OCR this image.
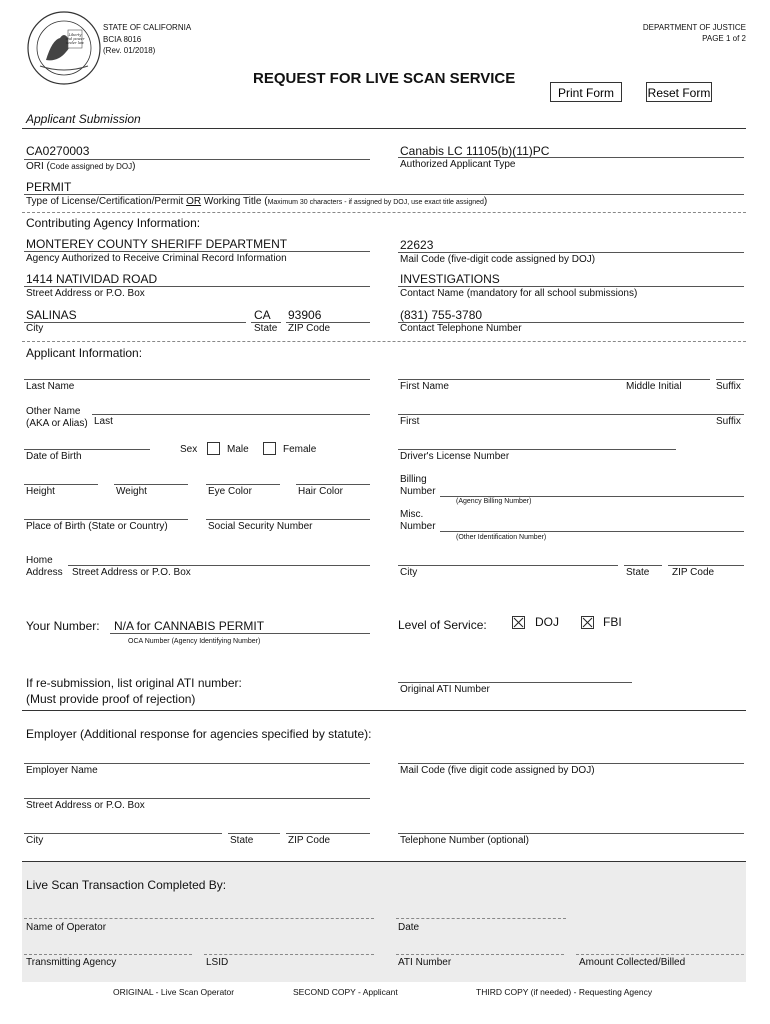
Liberty
and power
under law
STATE OF CALIFORNIA
BCIA 8016
(Rev. 01/2018)
DEPARTMENT OF JUSTICE
PAGE 1 of 2
REQUEST FOR LIVE SCAN SERVICE
Print Form	Reset Form
Applicant Submission
CA0270003
ORI (Code assigned by DOJ)
Canabis LC 11105(b)(11)PC
Authorized Applicant Type
PERMIT
Type of License/Certification/Permit OR Working Title (Maximum 30 characters - if assigned by DOJ, use exact title assigned)
Contributing Agency Information:
MONTEREY COUNTY SHERIFF DEPARTMENT
Agency Authorized to Receive Criminal Record Information
22623
Mail Code (five-digit code assigned by DOJ)
1414 NATIVIDAD ROAD
Street Address or P.O. Box
INVESTIGATIONS
Contact Name (mandatory for all school submissions)
SALINAS	CA 93906
City	State ZIP Code
(831) 755-3780
Contact Telephone Number
Applicant Information:
Last Name	First Name	Middle Initial	Suffix
Other Name
(AKA or Alias) Last	First	Suffix
Date of Birth
Sex	Male	Female
Driver's License Number
Height	Weight	Eye Color	Hair Color
Billing
Number
(Agency Billing Number)
Place of Birth (State or Country)	Social Security Number
Misc.
Number
(Other Identification Number)
Home
Address Street Address or P.O. Box	City	State ZIP Code
Your Number: N/A for CANNABIS PERMIT
OCA Number (Agency Identifying Number)
Level of Service:	DOJ	FBI
If re-submission, list original ATI number:
(Must provide proof of rejection)
Original ATI Number
Employer (Additional response for agencies specified by statute):
Employer Name	Mail Code (five digit code assigned by DOJ)
Street Address or P.O. Box
City	State	ZIP Code	Telephone Number (optional)
Live Scan Transaction Completed By:
Name of Operator	Date
Transmitting Agency	LSID	ATI Number	Amount Collected/Billed
ORIGINAL - Live Scan Operator	SECOND COPY - Applicant	THIRD COPY (if needed) - Requesting Agency
